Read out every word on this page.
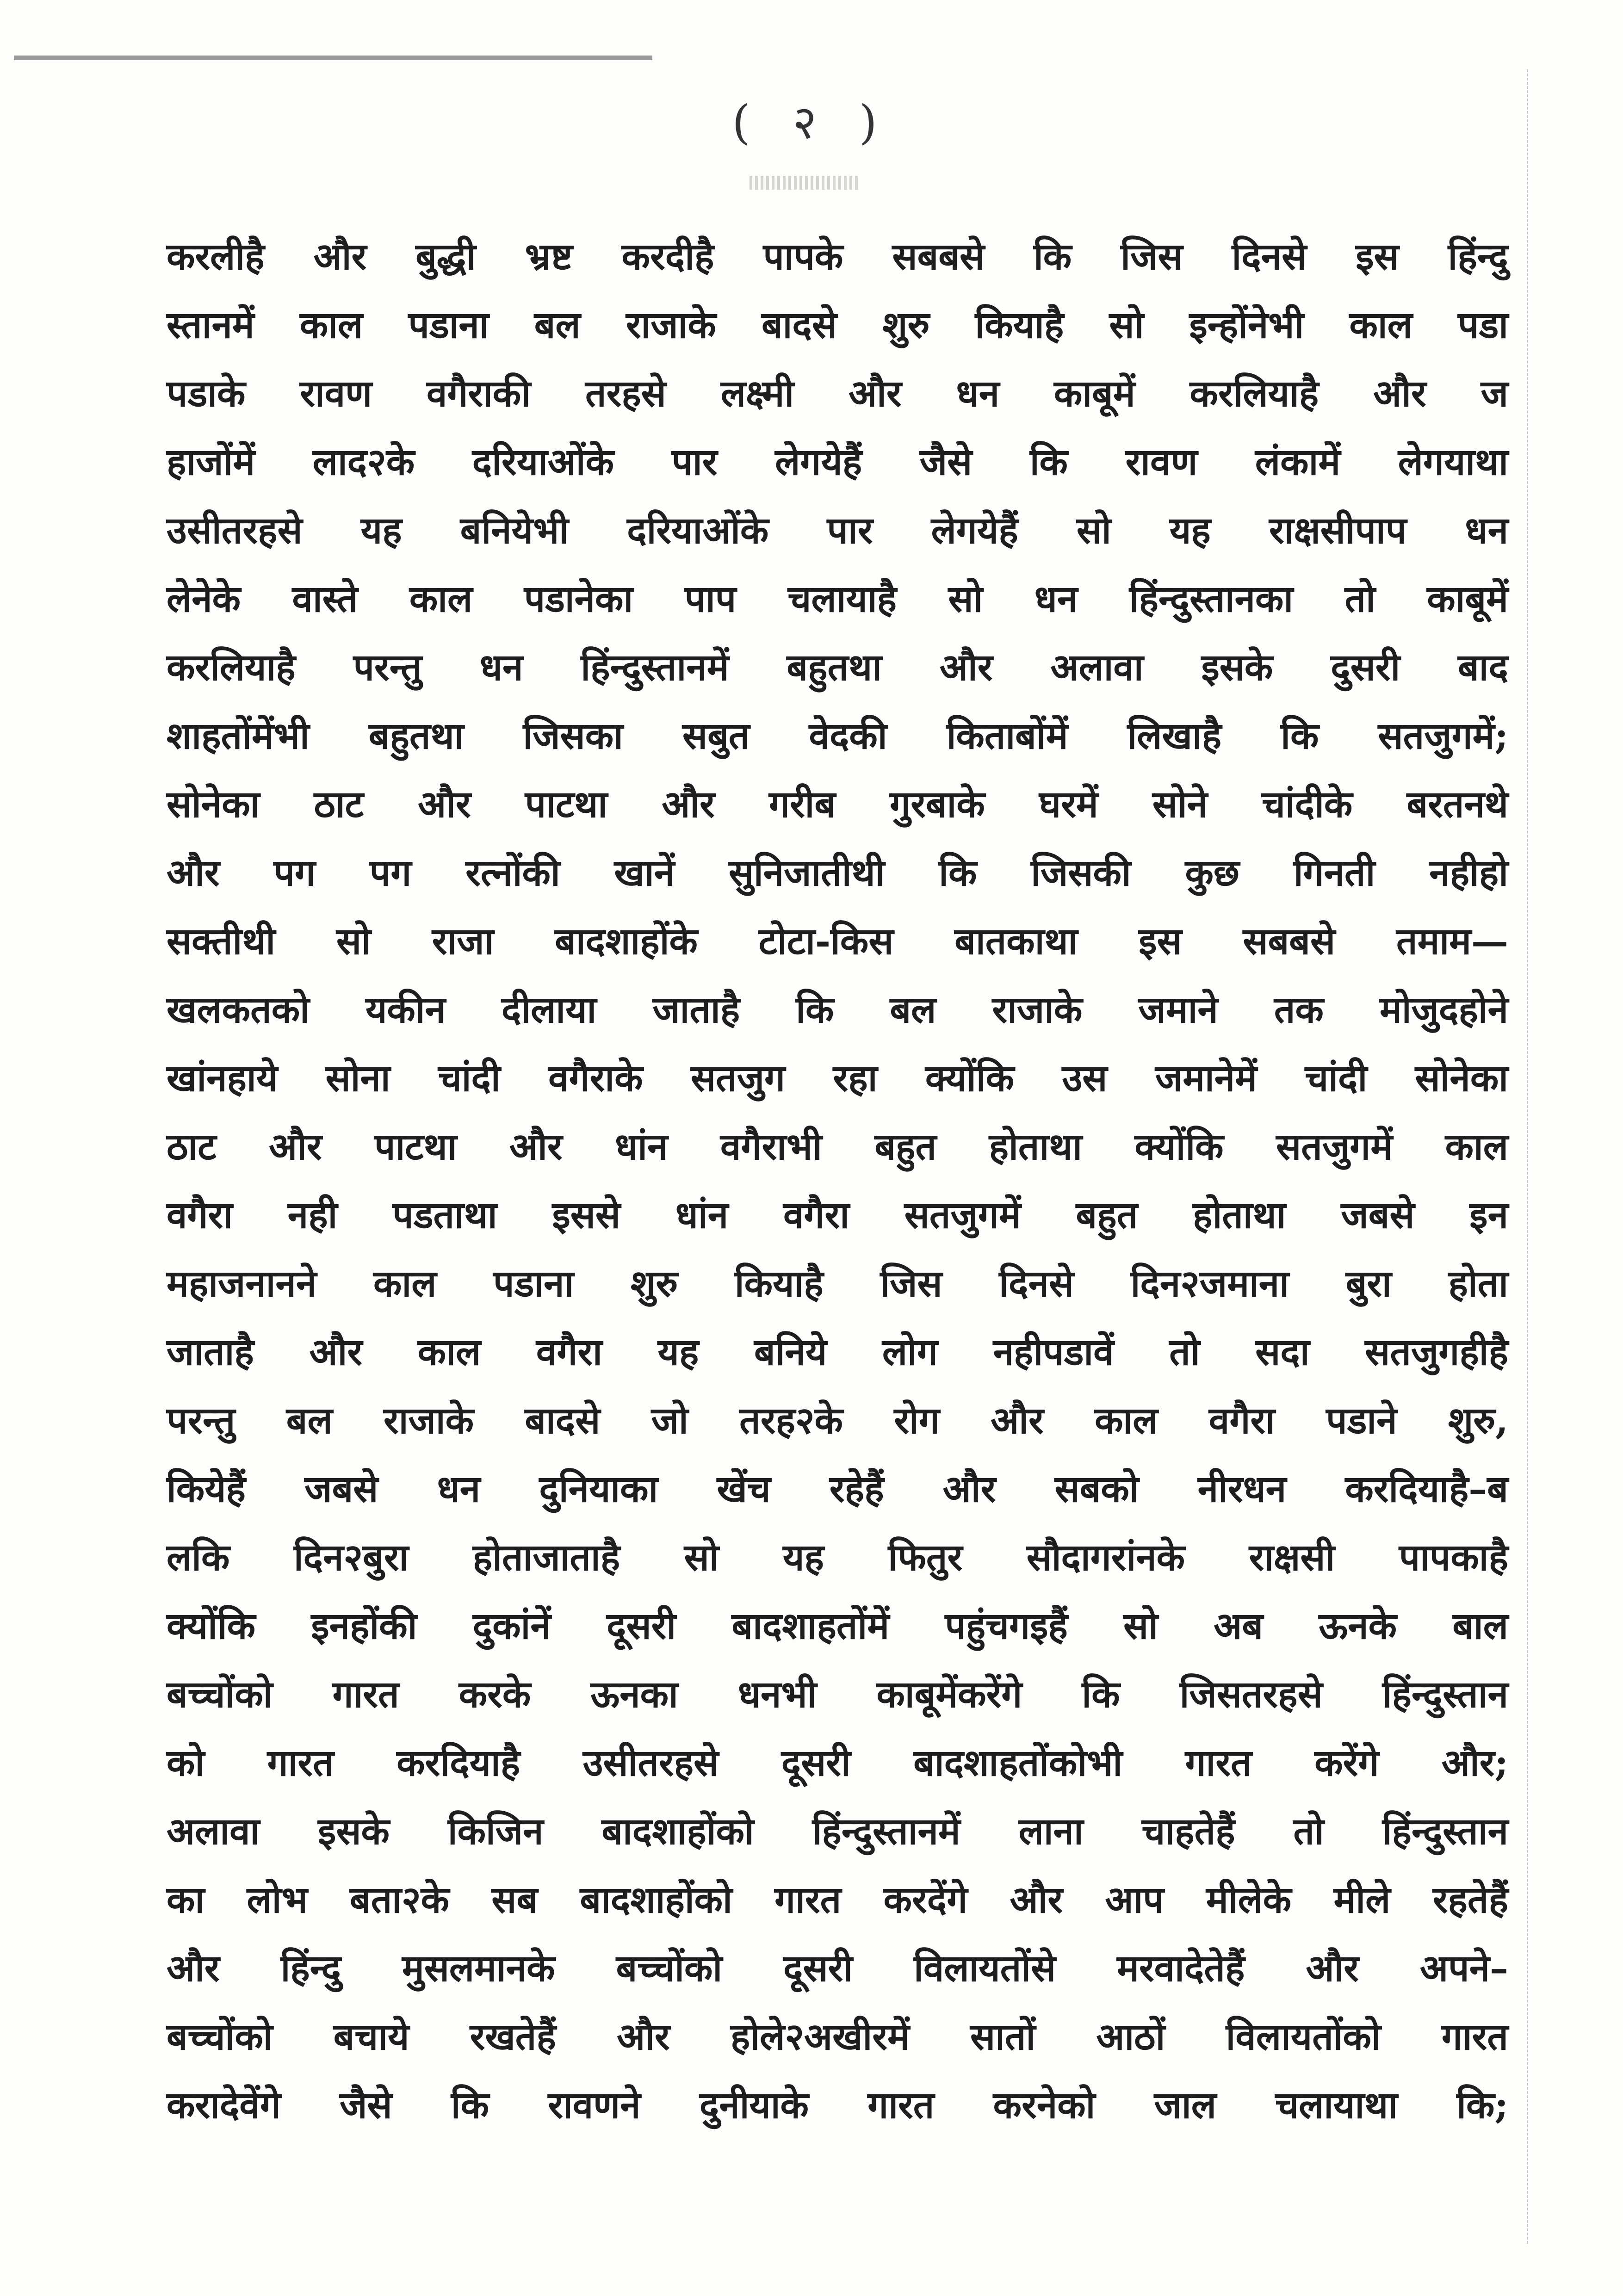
( २ )
करलीहै और बुद्धी भ्रष्ट करदीहै पापके सबबसे कि जिस दिनसे इस हिंन्दु
स्तानमें काल पडाना बल राजाके बादसे शुरु कियाहै सो इन्होंनेभी काल पडा
पडाके रावण वगैराकी तरहसे लक्ष्मी और धन काबूमें करलियाहै और ज
हाजोंमें लाद२के दरियाओंके पार लेगयेहैं जैसे कि रावण लंकामें लेगयाथा
उसीतरहसे यह बनियेभी दरियाओंके पार लेगयेहैं सो यह राक्षसीपाप धन
लेनेके वास्ते काल पडानेका पाप चलायाहै सो धन हिंन्दुस्तानका तो काबूमें
करलियाहै परन्तु धन हिंन्दुस्तानमें बहुतथा और अलावा इसके दुसरी बाद
शाहतोंमेंभी बहुतथा जिसका सबुत वेदकी किताबोंमें लिखाहै कि सतजुगमें;
सोनेका ठाट और पाटथा और गरीब गुरबाके घरमें सोने चांदीके बरतनथे
और पग पग रत्नोंकी खानें सुनिजातीथी कि जिसकी कुछ गिनती नहीहो
सक्तीथी सो राजा बादशाहोंके टोटा-किस बातकाथा इस सबबसे तमाम—
खलकतको यकीन दीलाया जाताहै कि बल राजाके जमाने तक मोजुदहोने
खांनहाये सोना चांदी वगैराके सतजुग रहा क्योंकि उस जमानेमें चांदी सोनेका
ठाट और पाटथा और धांन वगैराभी बहुत होताथा क्योंकि सतजुगमें काल
वगैरा नही पडताथा इससे धांन वगैरा सतजुगमें बहुत होताथा जबसे इन
महाजनानने काल पडाना शुरु कियाहै जिस दिनसे दिन२जमाना बुरा होता
जाताहै और काल वगैरा यह बनिये लोग नहीपडावें तो सदा सतजुगहीहै
परन्तु बल राजाके बादसे जो तरह२के रोग और काल वगैरा पडाने शुरु,
कियेहैं जबसे धन दुनियाका खेंच रहेहैं और सबको नीरधन करदियाहै–ब
लकि दिन२बुरा होताजाताहै सो यह फितुर सौदागरांनके राक्षसी पापकाहै
क्योंकि इनहोंकी दुकांनें दूसरी बादशाहतोंमें पहुंचगइहैं सो अब ऊनके बाल
बच्चोंको गारत करके ऊनका धनभी काबूमेंकरेंगे कि जिसतरहसे हिंन्दुस्तान
को गारत करदियाहै उसीतरहसे दूसरी बादशाहतोंकोभी गारत करेंगे और;
अलावा इसके किजिन बादशाहोंको हिंन्दुस्तानमें लाना चाहतेहैं तो हिंन्दुस्तान
का लोभ बता२के सब बादशाहोंको गारत करदेंगे और आप मीलेके मीले रहतेहैं
और हिंन्दु मुसलमानके बच्चोंको दूसरी विलायतोंसे मरवादेतेहैं और अपने–
बच्चोंको बचाये रखतेहैं और होले२अखीरमें सातों आठों विलायतोंको गारत
करादेवेंगे जैसे कि रावणने दुनीयाके गारत करनेको जाल चलायाथा कि;
